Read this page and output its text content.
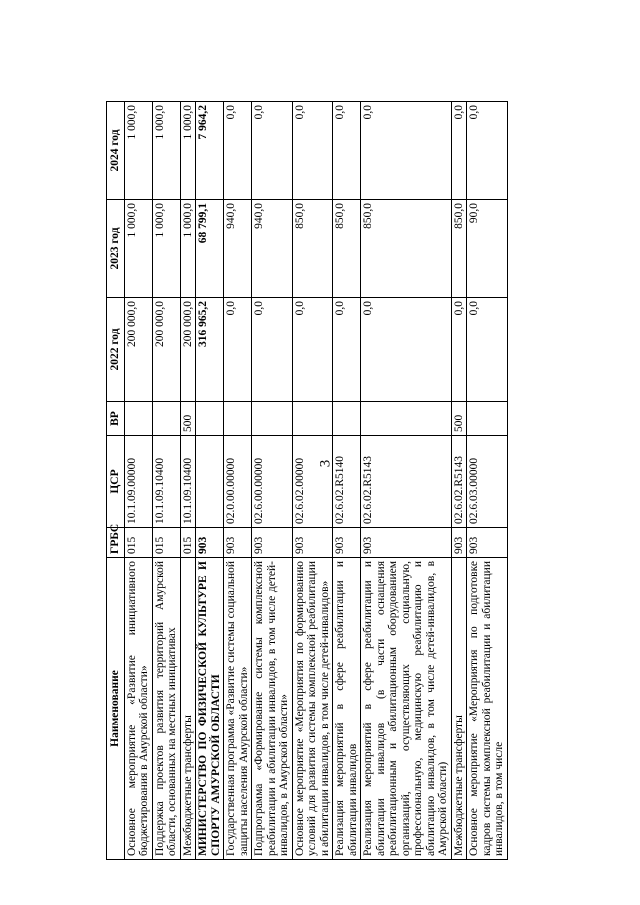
3
Наименование	ГРБС	ЦСР	ВР	2022 год	2023 год	2024 год
Основное мероприятие «Развитие инициативного бюджетирования в Амурской области»	015	10.1.09.00000		200 000,0	1 000,0	1 000,0
Поддержка проектов развития территорий Амурской области, основанных на местных инициативах	015	10.1.09.10400		200 000,0	1 000,0	1 000,0
Межбюджетные трансферты	015	10.1.09.10400	500	200 000,0	1 000,0	1 000,0
МИНИСТЕРСТВО ПО ФИЗИЧЕСКОЙ КУЛЬТУРЕ И СПОРТУ АМУРСКОЙ ОБЛАСТИ	903			316 965,2	68 799,1	7 964,2
Государственная программа «Развитие системы социальной защиты населения Амурской области»	903	02.0.00.00000		0,0	940,0	0,0
Подпрограмма «Формирование системы комплексной реабилитации и абилитации инвалидов, в том числе детей-инвалидов, в Амурской области»	903	02.6.00.00000		0,0	940,0	0,0
Основное мероприятие «Мероприятия по формированию условий для развития системы комплексной реабилитации и абилитации инвалидов, в том числе детей-инвалидов»	903	02.6.02.00000		0,0	850,0	0,0
Реализация мероприятий в сфере реабилитации и абилитации инвалидов	903	02.6.02.R5140		0,0	850,0	0,0
Реализация мероприятий в сфере реабилитации и абилитации инвалидов (в части оснащения реабилитационным и абилитационным оборудованием организаций, осуществляющих социальную, профессиональную, медицинскую реабилитацию и абилитацию инвалидов, в том числе детей-инвалидов, в Амурской области)	903	02.6.02.R5143		0,0	850,0	0,0
Межбюджетные трансферты	903	02.6.02.R5143	500	0,0	850,0	0,0
Основное мероприятие «Мероприятия по подготовке кадров системы комплексной реабилитации и абилитации инвалидов, в том числе	903	02.6.03.00000		0,0	90,0	0,0
